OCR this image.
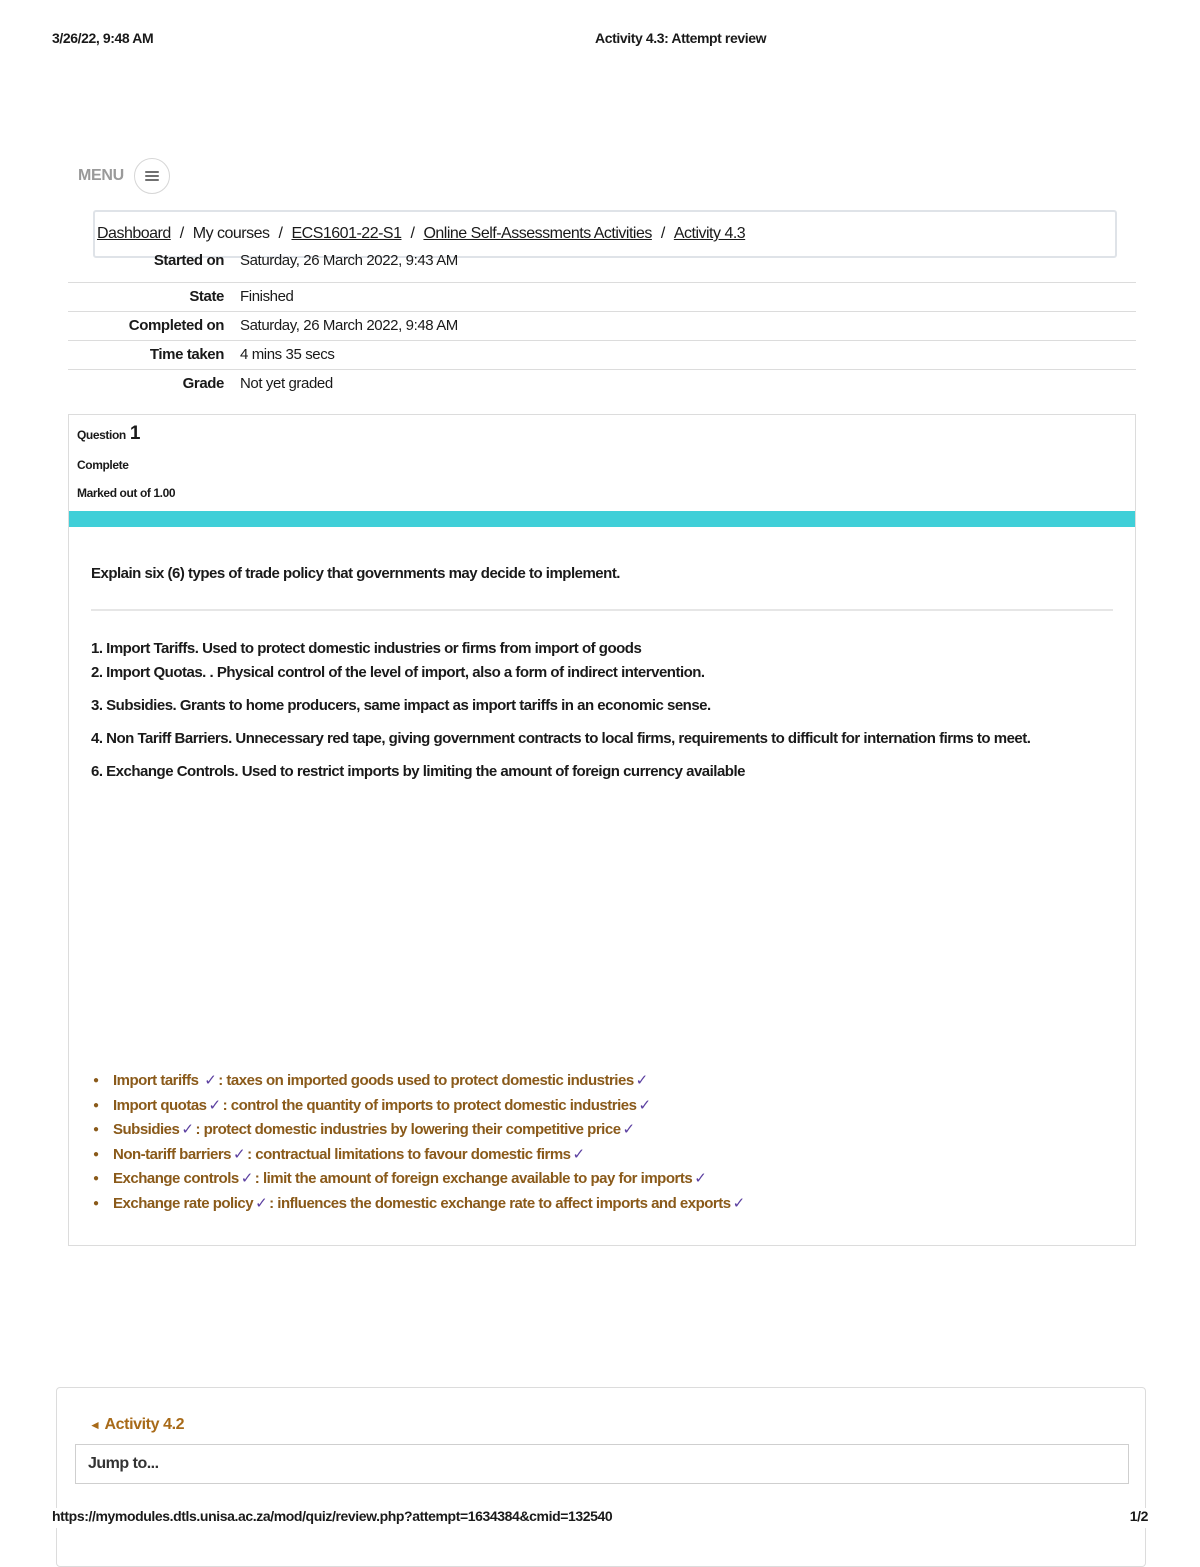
3/26/22, 9:48 AM	Activity 4.3: Attempt review
MENU
Dashboard / My courses / ECS1601-22-S1 / Online Self-Assessments Activities / Activity 4.3
Started on Saturday, 26 March 2022, 9:43 AM
State Finished
Completed on Saturday, 26 March 2022, 9:48 AM
Time taken 4 mins 35 secs
Grade Not yet graded
Question 1
Complete
Marked out of 1.00
Explain six (6) types of trade policy that governments may decide to implement.

1. Import Tariffs. Used to protect domestic industries or firms from import of goods

2. Import Quotas. . Physical control of the level of import, also a form of indirect intervention.

3. Subsidies. Grants to home producers, same impact as import tariffs in an economic sense.

4. Non Tariff Barriers. Unnecessary red tape, giving government contracts to local firms, requirements to difficult for internation firms to meet.

6. Exchange Controls. Used to restrict imports by limiting the amount of foreign currency available

● Import tariffs ✓ : taxes on imported goods used to protect domestic industries ✓
● Import quotas ✓ : control the quantity of imports to protect domestic industries ✓
● Subsidies ✓ : protect domestic industries by lowering their competitive price ✓
● Non-tariff barriers ✓ : contractual limitations to favour domestic firms ✓
● Exchange controls ✓ : limit the amount of foreign exchange available to pay for imports ✓
● Exchange rate policy ✓ : influences the domestic exchange rate to affect imports and exports ✓
◄ Activity 4.2
Jump to...
https://mymodules.dtls.unisa.ac.za/mod/quiz/review.php?attempt=1634384&cmid=132540	1/2
